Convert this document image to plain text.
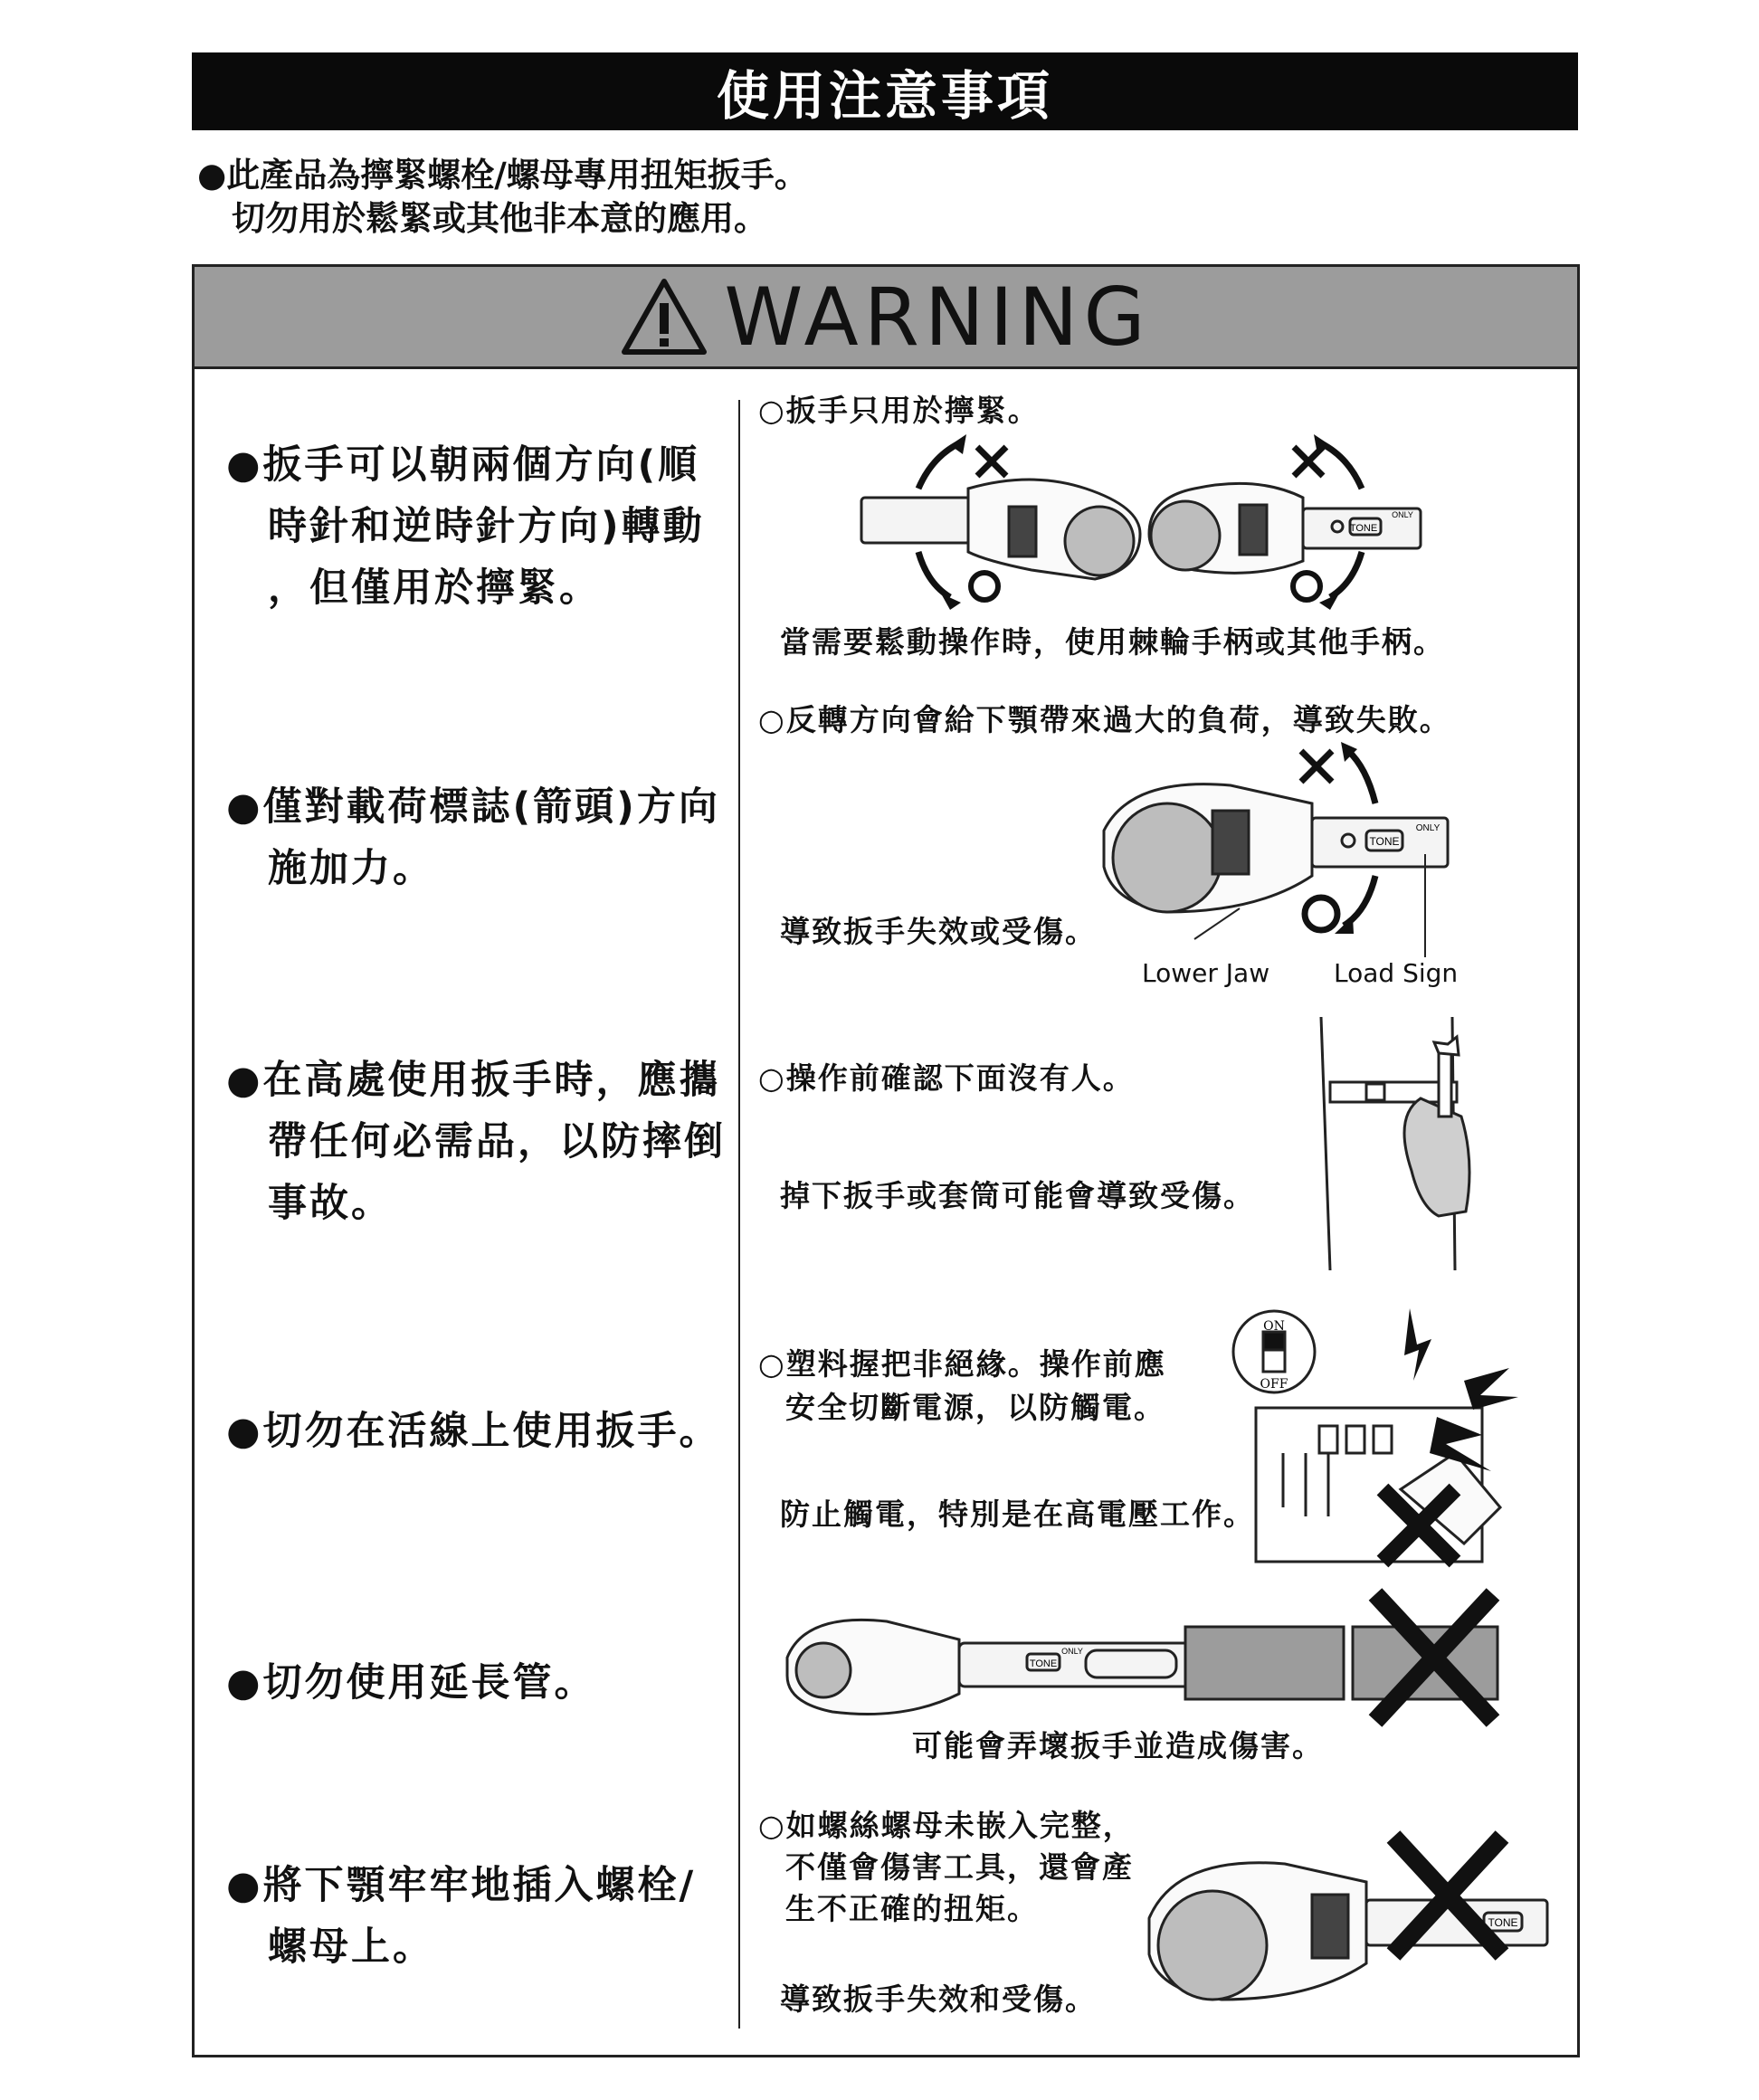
使用注意事項
●此產品為擰緊螺栓/螺母專用扭矩扳手。
切勿用於鬆緊或其他非本意的應用。
WARNING
●扳手可以朝兩個方向(順
時針和逆時針方向)轉動
，但僅用於擰緊。
○扳手只用於擰緊。
當需要鬆動操作時，使用棘輪手柄或其他手柄。
TONE
ONLY
●僅對載荷標誌(箭頭)方向
施加力。
○反轉方向會給下顎帶來過大的負荷，導致失敗。
導致扳手失效或受傷。
Lower Jaw	Load Sign
TONE
ONLY
●在高處使用扳手時，應攜
帶任何必需品，以防摔倒
事故。
○操作前確認下面沒有人。
掉下扳手或套筒可能會導致受傷。
●切勿在活線上使用扳手。
○塑料握把非絕緣。操作前應
安全切斷電源，以防觸電。
防止觸電，特別是在高電壓工作。
ON
OFF
●切勿使用延長管。
可能會弄壞扳手並造成傷害。
TONE
ONLY
●將下顎牢牢地插入螺栓/
螺母上。
○如螺絲螺母未嵌入完整，
不僅會傷害工具，還會產
生不正確的扭矩。
導致扳手失效和受傷。
TONE
